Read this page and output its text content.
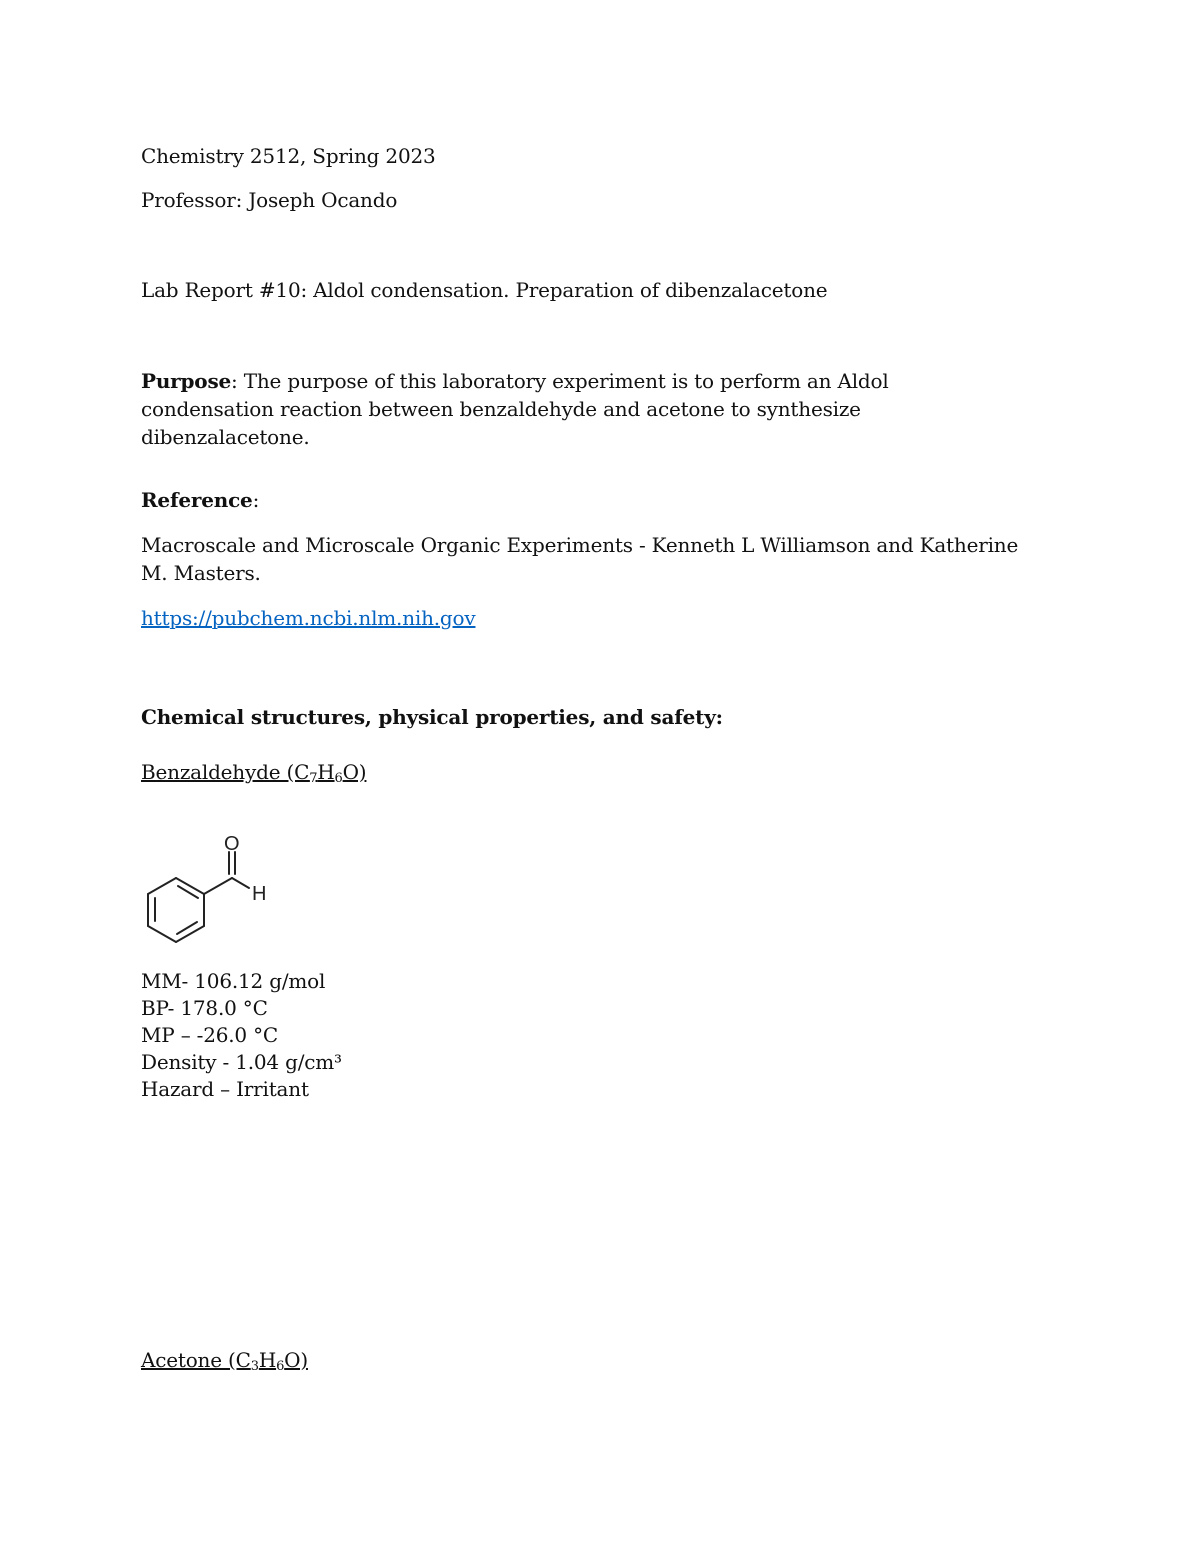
Chemistry 2512, Spring 2023
Professor: Joseph Ocando
Lab Report #10: Aldol condensation. Preparation of dibenzalacetone
Purpose: The purpose of this laboratory experiment is to perform an Aldol condensation reaction between benzaldehyde and acetone to synthesize dibenzalacetone.
Reference:
Macroscale and Microscale Organic Experiments - Kenneth L Williamson and Katherine M. Masters.
https://pubchem.ncbi.nlm.nih.gov
Chemical structures, physical properties, and safety:
Benzaldehyde $(C_7H_6O)$
O
H
MM- 106.12 g/mol
BP- 178.0 °C
MP – -26.0 °C
Density - 1.04 g/cm³
Hazard – Irritant
Acetone $(C_3H_6O)$
